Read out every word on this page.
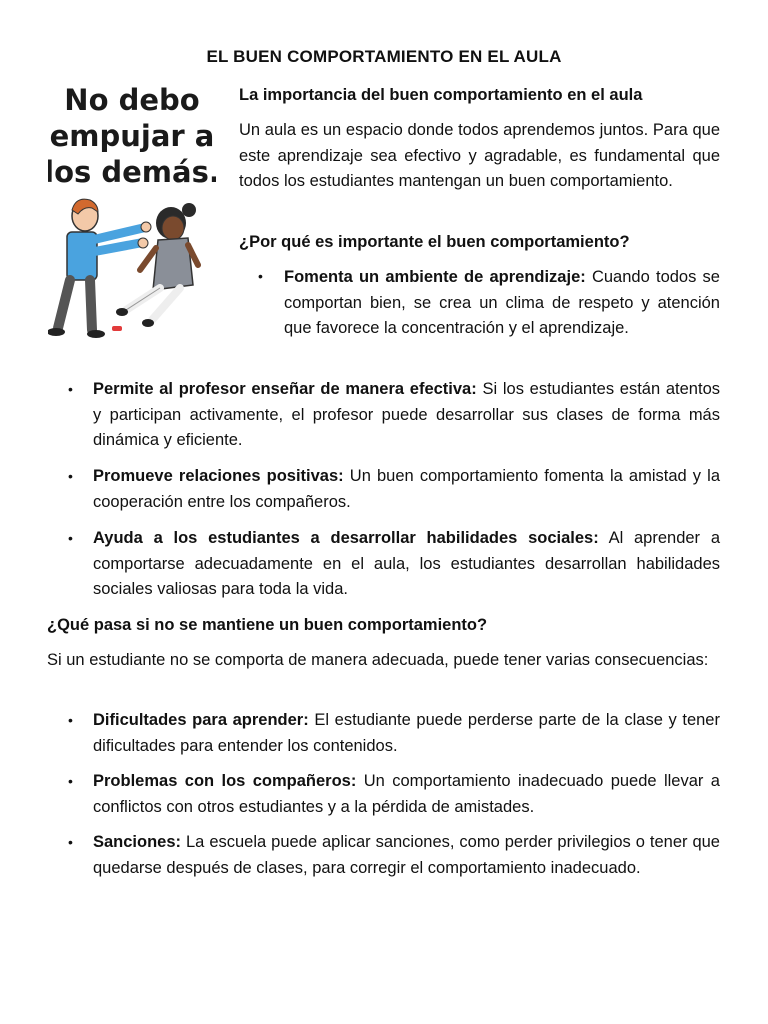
EL BUEN COMPORTAMIENTO EN EL AULA
No debo
empujar a
los demás.
La importancia del buen comportamiento en el aula
Un aula es un espacio donde todos aprendemos juntos. Para que este aprendizaje sea efectivo y agradable, es fundamental que todos los estudiantes mantengan un buen comportamiento.
¿Por qué es importante el buen comportamiento?
• Fomenta un ambiente de aprendizaje: Cuando todos se comportan bien, se crea un clima de respeto y atención que favorece la concentración y el aprendizaje.
• Permite al profesor enseñar de manera efectiva: Si los estudiantes están atentos y participan activamente, el profesor puede desarrollar sus clases de forma más dinámica y eficiente.
• Promueve relaciones positivas: Un buen comportamiento fomenta la amistad y la cooperación entre los compañeros.
• Ayuda a los estudiantes a desarrollar habilidades sociales: Al aprender a comportarse adecuadamente en el aula, los estudiantes desarrollan habilidades sociales valiosas para toda la vida.
¿Qué pasa si no se mantiene un buen comportamiento?
Si un estudiante no se comporta de manera adecuada, puede tener varias consecuencias:
• Dificultades para aprender: El estudiante puede perderse parte de la clase y tener dificultades para entender los contenidos.
• Problemas con los compañeros: Un comportamiento inadecuado puede llevar a conflictos con otros estudiantes y a la pérdida de amistades.
• Sanciones: La escuela puede aplicar sanciones, como perder privilegios o tener que quedarse después de clases, para corregir el comportamiento inadecuado.
